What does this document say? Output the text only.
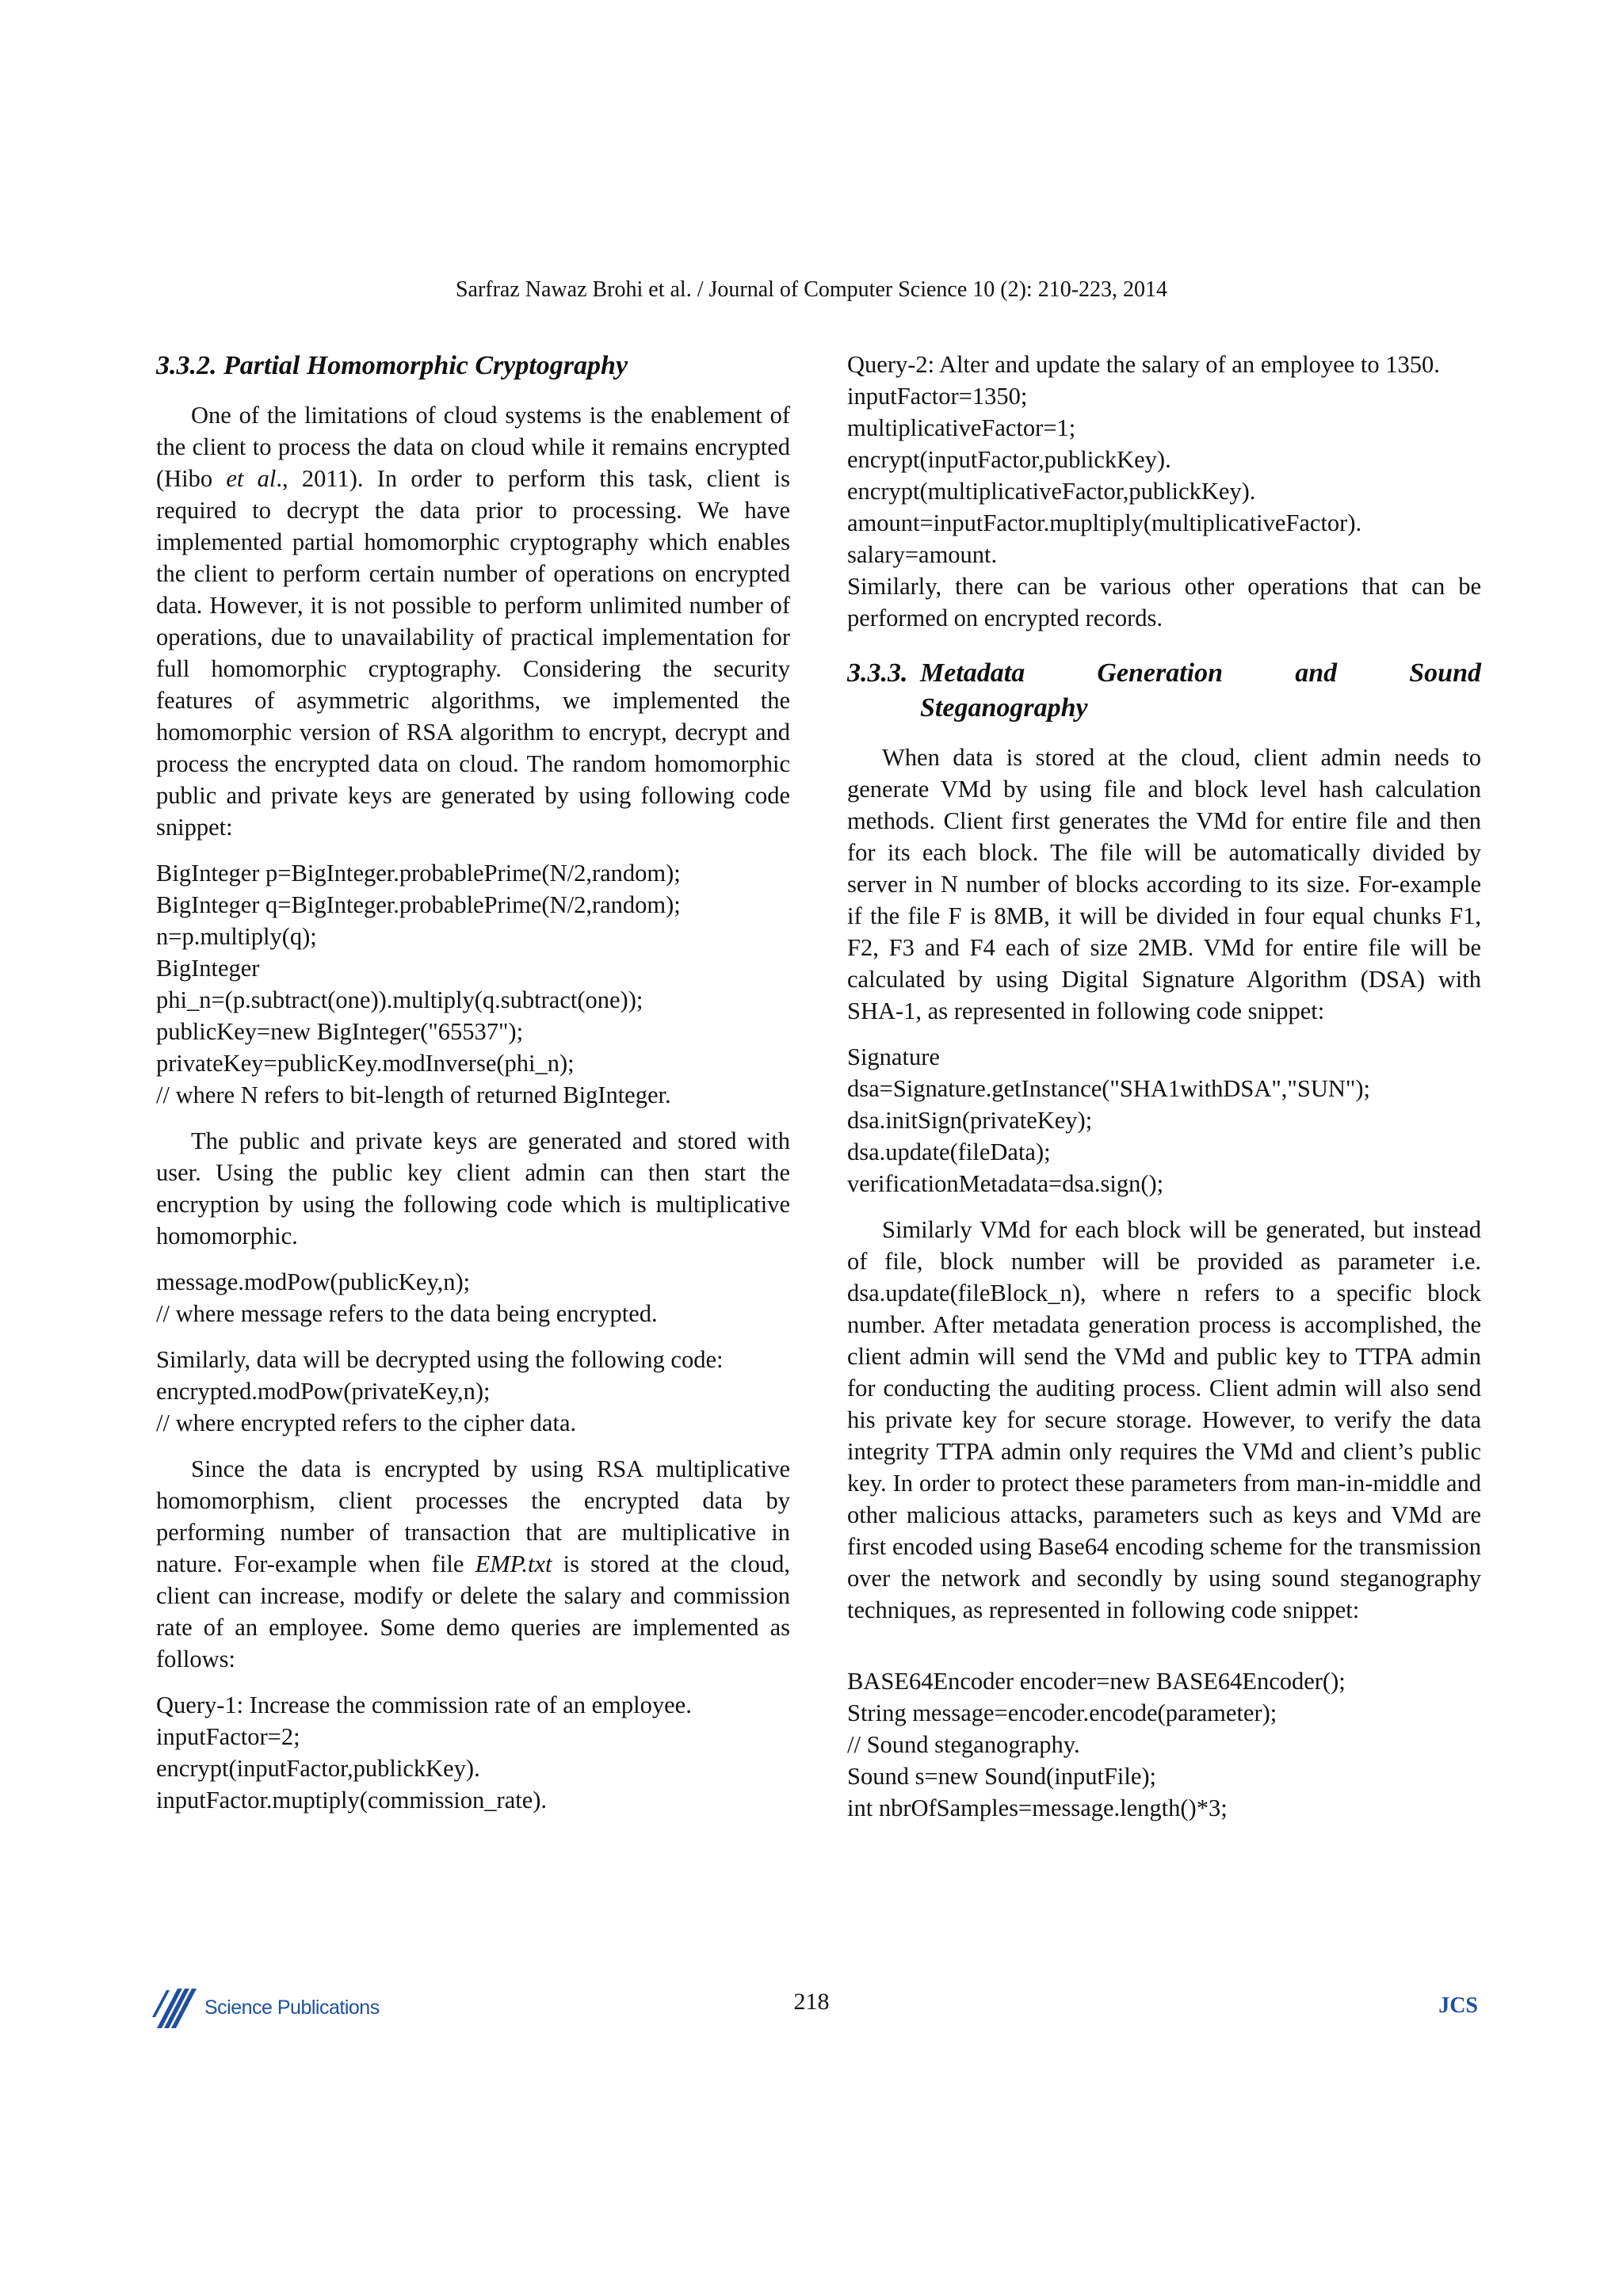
Sarfraz Nawaz Brohi et al. / Journal of Computer Science 10 (2): 210-223, 2014
3.3.2. Partial Homomorphic Cryptography

One of the limitations of cloud systems is the enablement of the client to process the data on cloud while it remains encrypted (Hibo et al., 2011). In order to perform this task, client is required to decrypt the data prior to processing. We have implemented partial homomorphic cryptography which enables the client to perform certain number of operations on encrypted data. However, it is not possible to perform unlimited number of operations, due to unavailability of practical implementation for full homomorphic cryptography. Considering the security features of asymmetric algorithms, we implemented the homomorphic version of RSA algorithm to encrypt, decrypt and process the encrypted data on cloud. The random homomorphic public and private keys are generated by using following code snippet:

BigInteger p=BigInteger.probablePrime(N/2,random);
BigInteger q=BigInteger.probablePrime(N/2,random);
n=p.multiply(q);
BigInteger
phi_n=(p.subtract(one)).multiply(q.subtract(one));
publicKey=new BigInteger("65537");
privateKey=publicKey.modInverse(phi_n);
// where N refers to bit-length of returned BigInteger.

The public and private keys are generated and stored with user. Using the public key client admin can then start the encryption by using the following code which is multiplicative homomorphic.

message.modPow(publicKey,n);
// where message refers to the data being encrypted.

Similarly, data will be decrypted using the following code:

encrypted.modPow(privateKey,n);
// where encrypted refers to the cipher data.

Since the data is encrypted by using RSA multiplicative homomorphism, client processes the encrypted data by performing number of transaction that are multiplicative in nature. For-example when file EMP.txt is stored at the cloud, client can increase, modify or delete the salary and commission rate of an employee. Some demo queries are implemented as follows:

Query-1: Increase the commission rate of an employee.
inputFactor=2;
encrypt(inputFactor,publickKey).
inputFactor.muptiply(commission_rate).

Query-2: Alter and update the salary of an employee to 1350.

inputFactor=1350;
multiplicativeFactor=1;
encrypt(inputFactor,publickKey).
encrypt(multiplicativeFactor,publickKey).
amount=inputFactor.mupltiply(multiplicativeFactor).
salary=amount.

Similarly, there can be various other operations that can be performed on encrypted records.

3.3.3. Metadata	Generation	and	Sound
Steganography

When data is stored at the cloud, client admin needs to generate VMd by using file and block level hash calculation methods. Client first generates the VMd for entire file and then for its each block. The file will be automatically divided by server in N number of blocks according to its size. For-example if the file F is 8MB, it will be divided in four equal chunks F1, F2, F3 and F4 each of size 2MB. VMd for entire file will be calculated by using Digital Signature Algorithm (DSA) with SHA-1, as represented in following code snippet:

Signature
dsa=Signature.getInstance("SHA1withDSA","SUN");
dsa.initSign(privateKey);
dsa.update(fileData);
verificationMetadata=dsa.sign();

Similarly VMd for each block will be generated, but instead of file, block number will be provided as parameter i.e. dsa.update(fileBlock_n), where n refers to a specific block number. After metadata generation process is accomplished, the client admin will send the VMd and public key to TTPA admin for conducting the auditing process. Client admin will also send his private key for secure storage. However, to verify the data integrity TTPA admin only requires the VMd and client’s public key. In order to protect these parameters from man-in-middle and other malicious attacks, parameters such as keys and VMd are first encoded using Base64 encoding scheme for the transmission over the network and secondly by using sound steganography techniques, as represented in following code snippet:

BASE64Encoder encoder=new BASE64Encoder();
String message=encoder.encode(parameter);
// Sound steganography.
Sound s=new Sound(inputFile);
int nbrOfSamples=message.length()*3;
Science Publications	218	JCS
